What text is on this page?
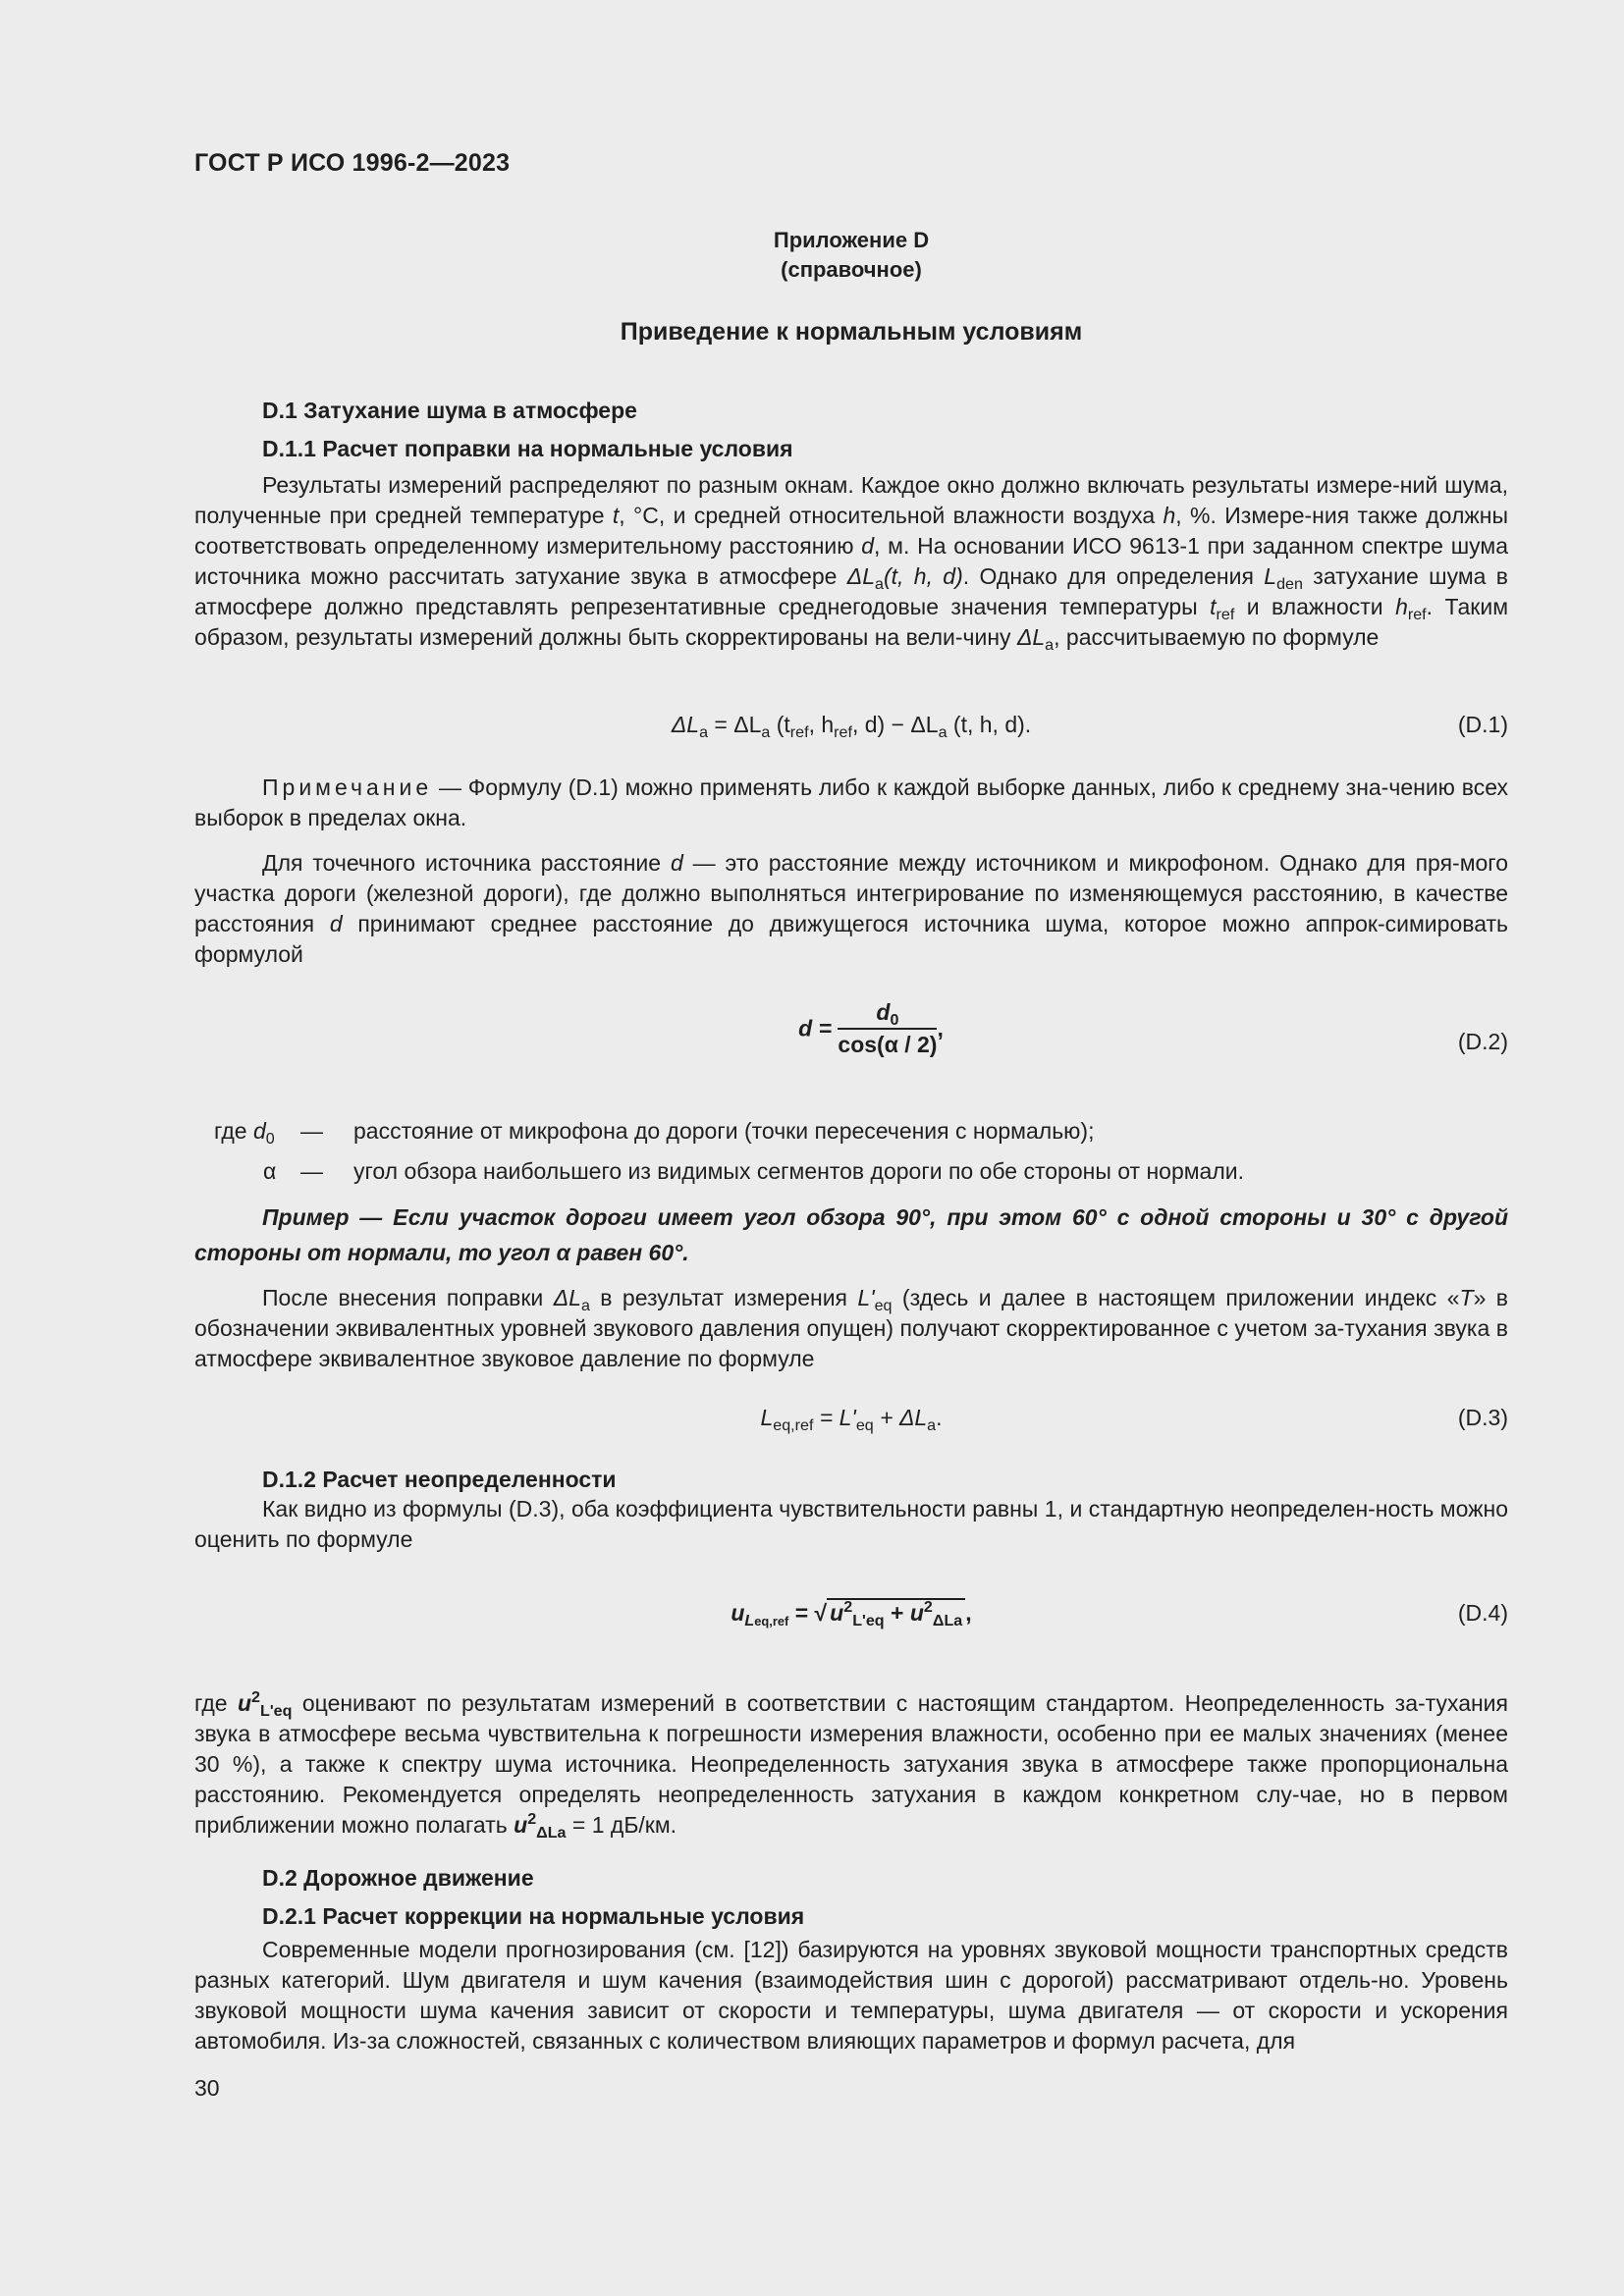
ГОСТ Р ИСО 1996-2—2023
Приложение D
(справочное)
Приведение к нормальным условиям
D.1 Затухание шума в атмосфере
D.1.1 Расчет поправки на нормальные условия

Результаты измерений распределяют по разным окнам. Каждое окно должно включать результаты измере-ний шума, полученные при средней температуре t, °С, и средней относительной влажности воздуха h, %. Измере-ния также должны соответствовать определенному измерительному расстоянию d, м. На основании ИСО 9613-1 при заданном спектре шума источника можно рассчитать затухание звука в атмосфере $\Delta L_a(t$, h, d). Однако для определения $L_{den}$ затухание шума в атмосфере должно представлять репрезентативные среднегодовые значения температуры $t_{ref}$ и влажности $h_{ref}$. Таким образом, результаты измерений должны быть скорректированы на вели-чину $\Delta L_a$, рассчитываемую по формуле

$\Delta L_a = \Delta L_a$ ($t_{ref}$, $h_{ref}$, $d) - \Delta L_a$ (t, h, d).	(D.1)

Примечание — Формулу (D.1) можно применять либо к каждой выборке данных, либо к среднему зна-чению всех выборок в пределах окна.

Для точечного источника расстояние d — это расстояние между источником и микрофоном. Однако для пря-мого участка дороги (железной дороги), где должно выполняться интегрирование по изменяющемуся расстоянию, в качестве расстояния d принимают среднее расстояние до движущегося источника шума, которое можно аппрок-симировать формулой

$d = \frac{d_0}{\cos(\alpha / 2)}$ ,
(D.2)
где $d_0$ — расстояние от микрофона до дороги (точки пересечения с нормалью);
α — угол обзора наибольшего из видимых сегментов дороги по обе стороны от нормали.

Пример — Если участок дороги имеет угол обзора 90°, при этом 60° с одной стороны и 30° с другой стороны от нормали, то угол α равен 60°.

После внесения поправки $\Delta L_a$ в результат измерения $L'_{eq}$ (здесь и далее в настоящем приложении индекс «T» в обозначении эквивалентных уровней звукового давления опущен) получают скорректированное с учетом за-тухания звука в атмосфере эквивалентное звуковое давление по формуле

$L_{eq,ref} = L'_{eq} + \Delta L_a$.	(D.3)
D.1.2 Расчет неопределенности

Как видно из формулы (D.3), оба коэффициента чувствительности равны 1, и стандартную неопределен-ность можно оценить по формуле

$u_{Leq,ref}$ = √ $u^2_{L'eq} + u^2_{\Delta La}$ ,	(D.4)

где $u^2_{L'eq}$ оценивают по результатам измерений в соответствии с настоящим стандартом. Неопределенность за-тухания звука в атмосфере весьма чувствительна к погрешности измерения влажности, особенно при ее малых значениях (менее 30 %), а также к спектру шума источника. Неопределенность затухания звука в атмосфере также пропорциональна расстоянию. Рекомендуется определять неопределенность затухания в каждом конкретном слу-чае, но в первом приближении можно полагать $u^2_{\Delta La} = 1$ дБ/км.

D.2 Дорожное движение
D.2.1 Расчет коррекции на нормальные условия

Современные модели прогнозирования (см. [12]) базируются на уровнях звуковой мощности транспортных средств разных категорий. Шум двигателя и шум качения (взаимодействия шин с дорогой) рассматривают отдель-но. Уровень звуковой мощности шума качения зависит от скорости и температуры, шума двигателя — от скорости и ускорения автомобиля. Из-за сложностей, связанных с количеством влияющих параметров и формул расчета, для

30
